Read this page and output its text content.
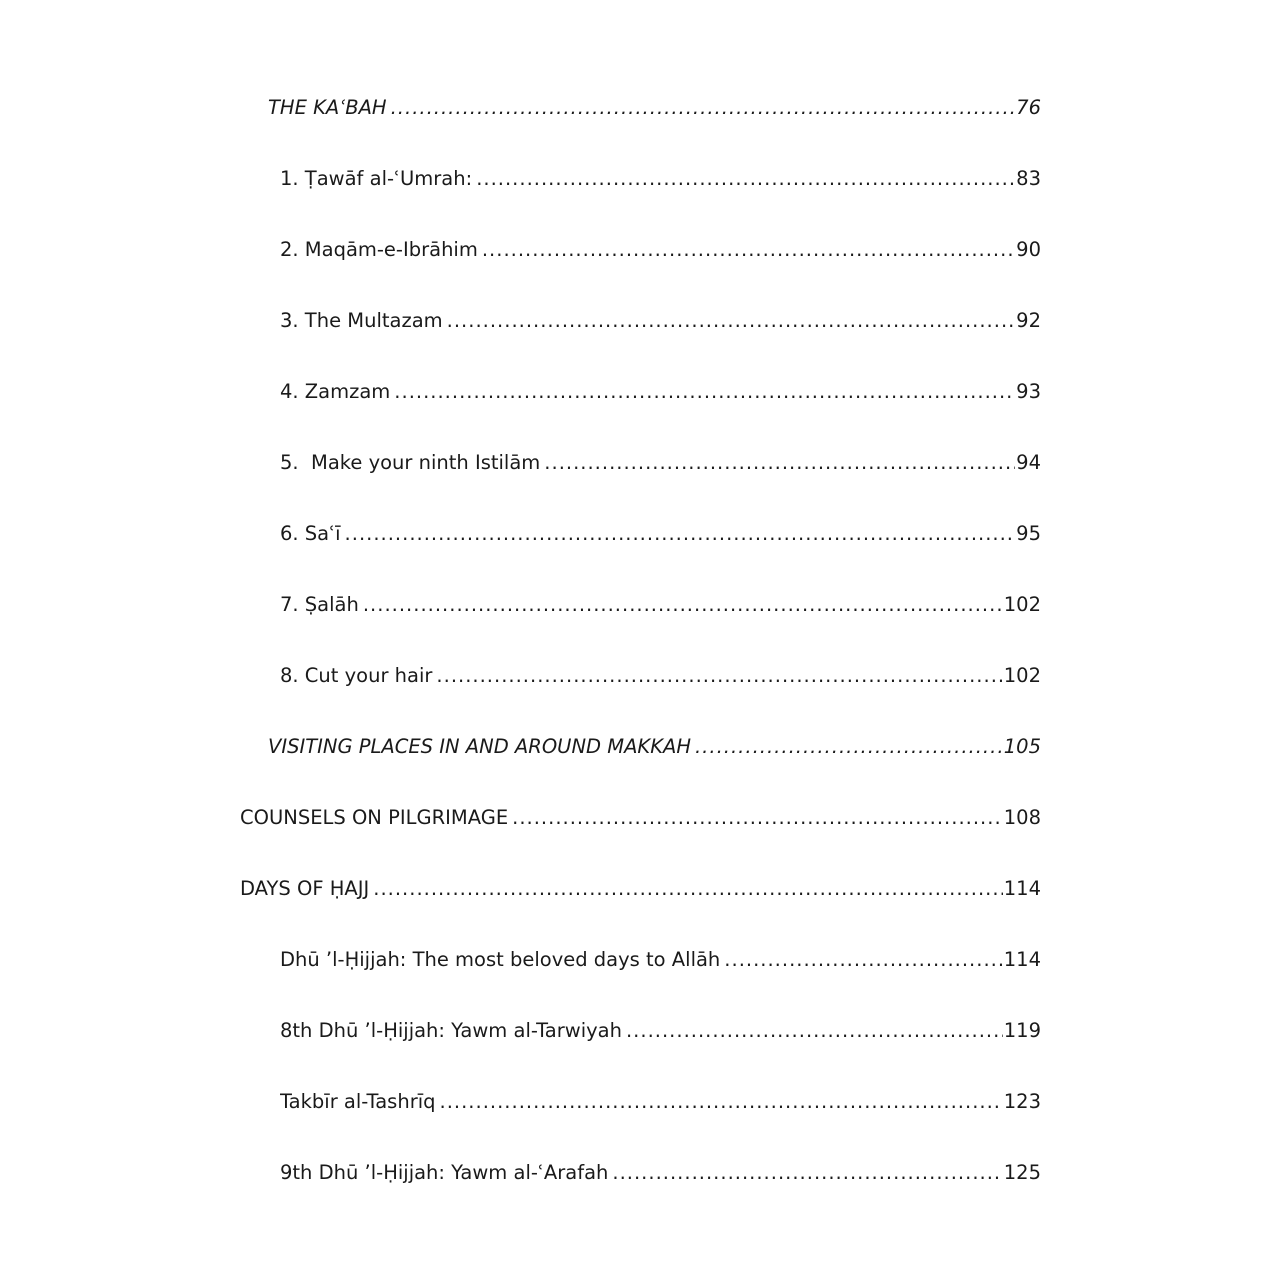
THE KAʿBAH .....	76
1. Ṭawāf al-ʿUmrah: .....	83
2. Maqām-e-Ibrāhim .....	90
3. The Multazam .....	92
4. Zamzam .....	93
5.  Make your ninth Istilām .....	94
6. Saʿī .....	95
7. Ṣalāh .....	102
8. Cut your hair .....	102
VISITING PLACES IN AND AROUND MAKKAH .....	105
COUNSELS ON PILGRIMAGE .....	108
DAYS OF ḤAJJ .....	114
Dhū ’l-Ḥijjah: The most beloved days to Allāh .....	114
8th Dhū ’l-Ḥijjah: Yawm al-Tarwiyah .....	119
Takbīr al-Tashrīq .....	123
9th Dhū ’l-Ḥijjah: Yawm al-ʿArafah .....	125
